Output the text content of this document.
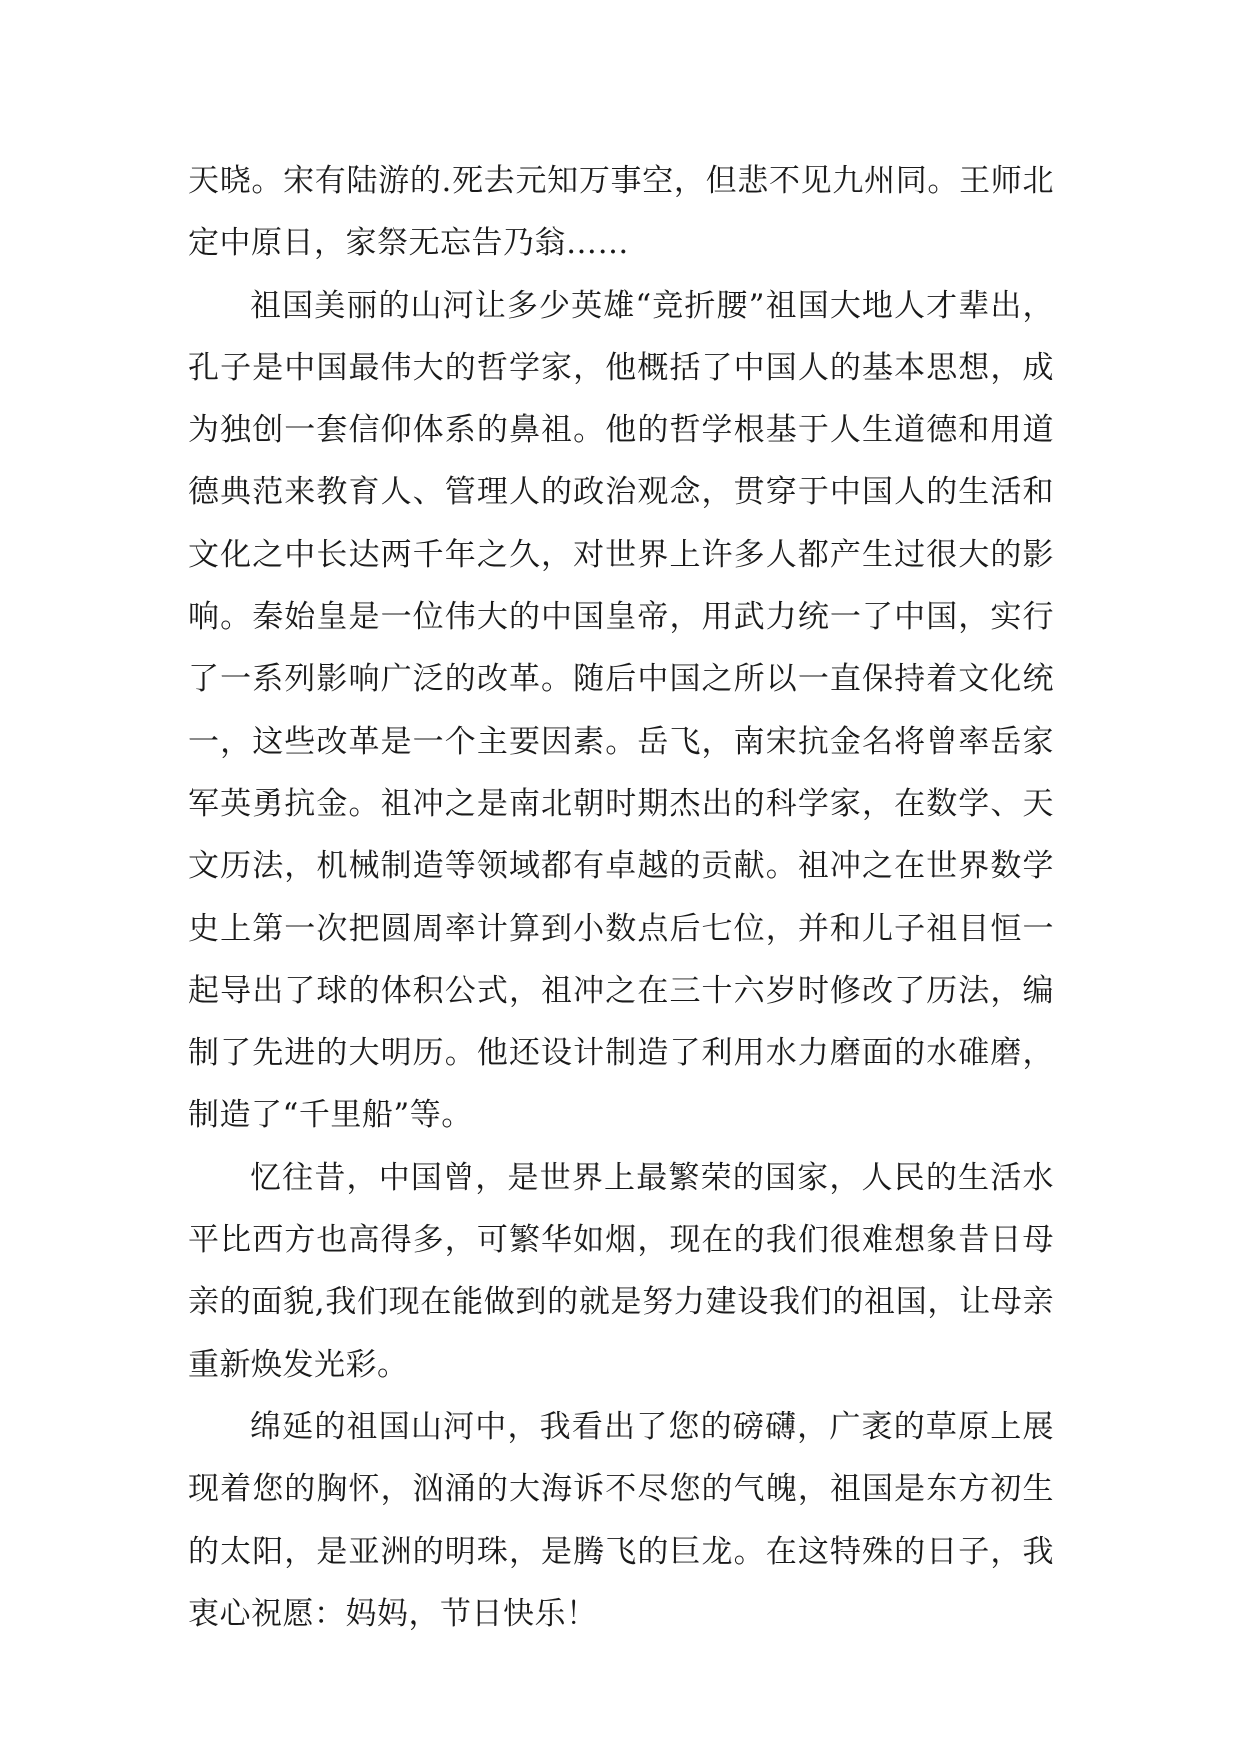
天晓。宋有陆游的.死去元知万事空，但悲不见九州同。王师北定中原日，家祭无忘告乃翁……

祖国美丽的山河让多少英雄“竞折腰”祖国大地人才辈出，孔子是中国最伟大的哲学家，他概括了中国人的基本思想，成为独创一套信仰体系的鼻祖。他的哲学根基于人生道德和用道德典范来教育人、管理人的政治观念，贯穿于中国人的生活和文化之中长达两千年之久，对世界上许多人都产生过很大的影响。秦始皇是一位伟大的中国皇帝，用武力统一了中国，实行了一系列影响广泛的改革。随后中国之所以一直保持着文化统一，这些改革是一个主要因素。岳飞，南宋抗金名将曾率岳家军英勇抗金。祖冲之是南北朝时期杰出的科学家，在数学、天文历法，机械制造等领域都有卓越的贡献。祖冲之在世界数学史上第一次把圆周率计算到小数点后七位，并和儿子祖目恒一起导出了球的体积公式，祖冲之在三十六岁时修改了历法，编制了先进的大明历。他还设计制造了利用水力磨面的水碓磨，制造了“千里船”等。

忆往昔，中国曾，是世界上最繁荣的国家，人民的生活水平比西方也高得多，可繁华如烟，现在的我们很难想象昔日母亲的面貌,我们现在能做到的就是努力建设我们的祖国，让母亲重新焕发光彩。

绵延的祖国山河中，我看出了您的磅礴，广袤的草原上展现着您的胸怀，汹涌的大海诉不尽您的气魄，祖国是东方初生的太阳，是亚洲的明珠，是腾飞的巨龙。在这特殊的日子，我衷心祝愿：妈妈，节日快乐！
